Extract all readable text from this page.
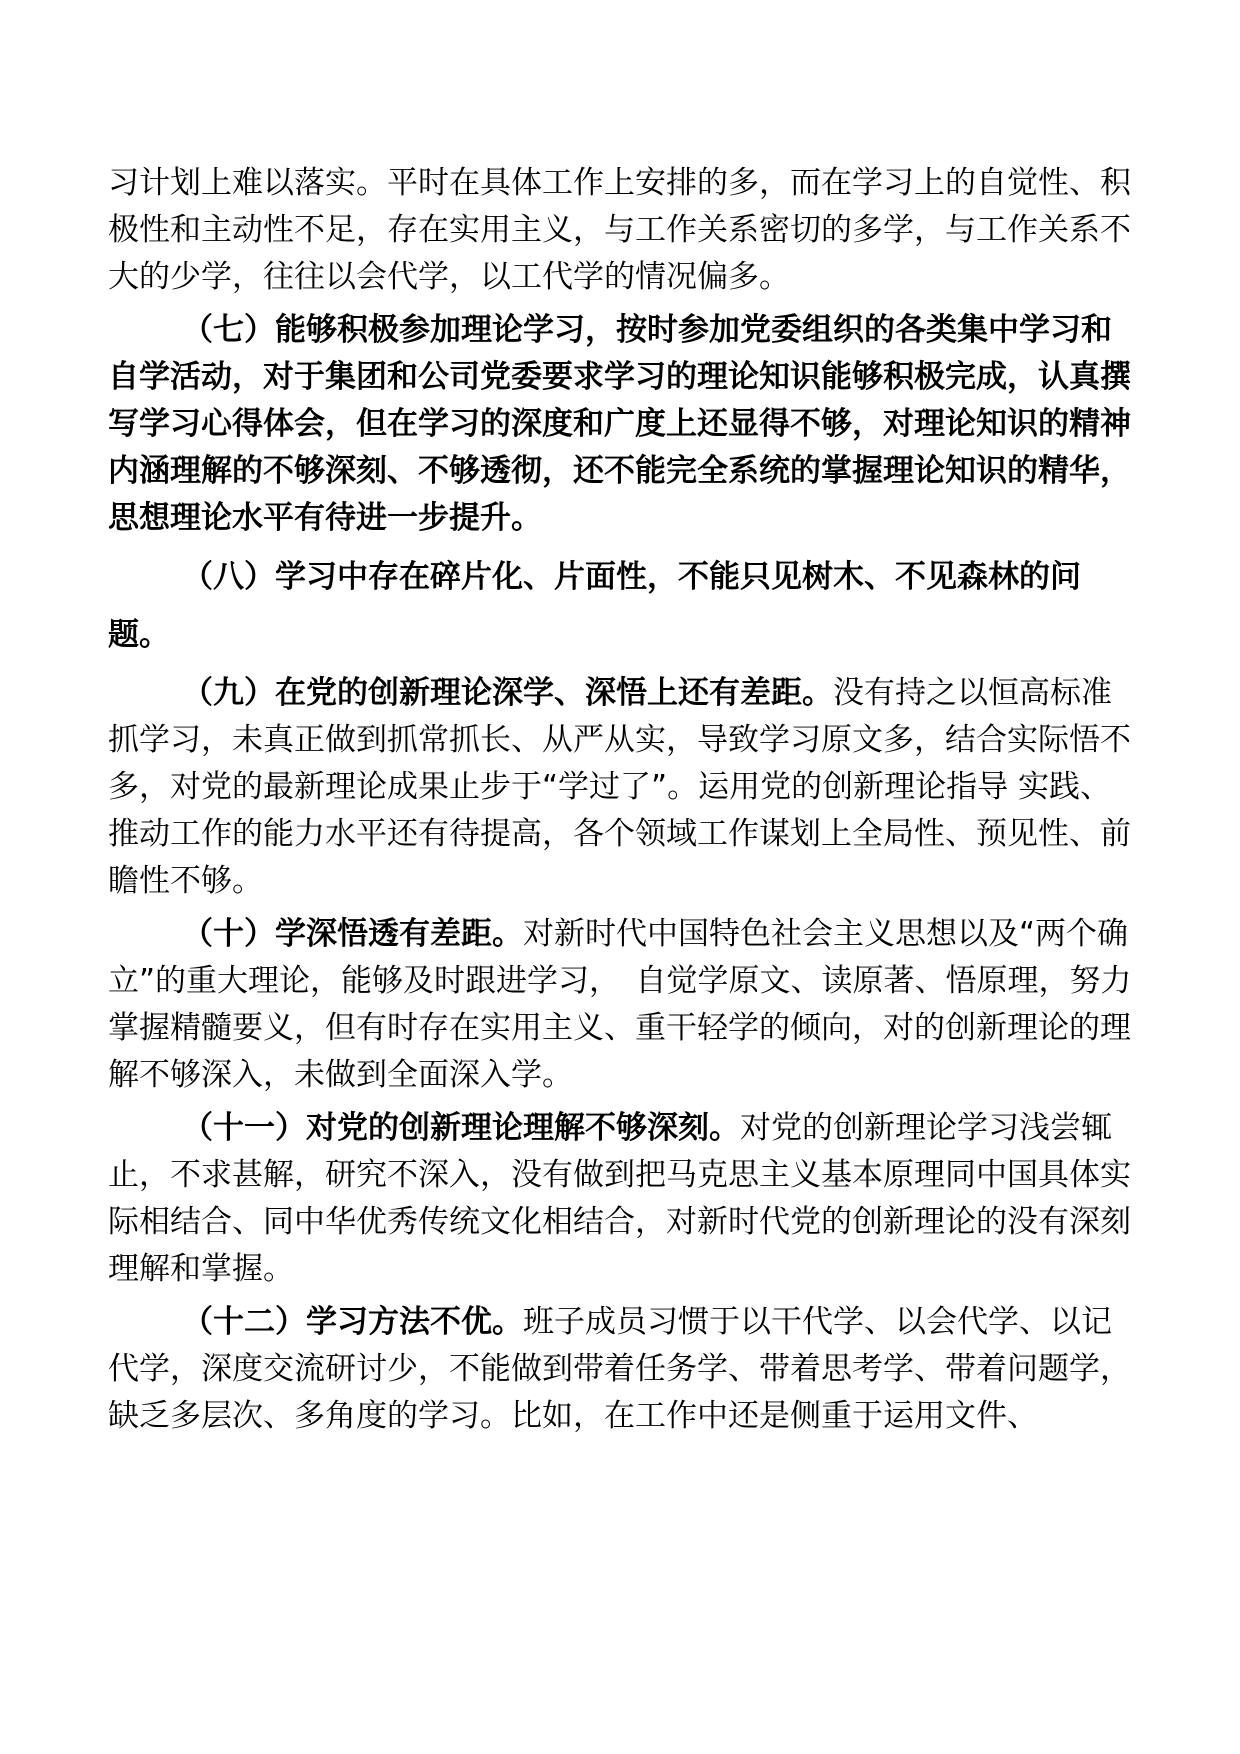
习计划上难以落实。平时在具体工作上安排的多，而在学习上的自觉性、积极性和主动性不足，存在实用主义，与工作关系密切的多学，与工作关系不大的少学，往往以会代学，以工代学的情况偏多。

（七）能够积极参加理论学习，按时参加党委组织的各类集中学习和自学活动，对于集团和公司党委要求学习的理论知识能够积极完成，认真撰写学习心得体会，但在学习的深度和广度上还显得不够，对理论知识的精神内涵理解的不够深刻、不够透彻，还不能完全系统的掌握理论知识的精华，思想理论水平有待进一步提升。

（八）学习中存在碎片化、片面性，不能只见树木、不见森林的问题。

（九）在党的创新理论深学、深悟上还有差距。没有持之以恒高标准抓学习，未真正做到抓常抓长、从严从实，导致学习原文多，结合实际悟不多，对党的最新理论成果止步于“学过了”。运用党的创新理论指导 实践、推动工作的能力水平还有待提高，各个领域工作谋划上全局性、预见性、前瞻性不够。

（十）学深悟透有差距。对新时代中国特色社会主义思想以及“两个确立”的重大理论，能够及时跟进学习，　自觉学原文、读原著、悟原理，努力掌握精髓要义，但有时存在实用主义、重干轻学的倾向，对的创新理论的理解不够深入，未做到全面深入学。

（十一）对党的创新理论理解不够深刻。对党的创新理论学习浅尝辄止，不求甚解，研究不深入，没有做到把马克思主义基本原理同中国具体实际相结合、同中华优秀传统文化相结合，对新时代党的创新理论的没有深刻理解和掌握。

（十二）学习方法不优。班子成员习惯于以干代学、以会代学、以记代学，深度交流研讨少，不能做到带着任务学、带着思考学、带着问题学，缺乏多层次、多角度的学习。比如，在工作中还是侧重于运用文件、
